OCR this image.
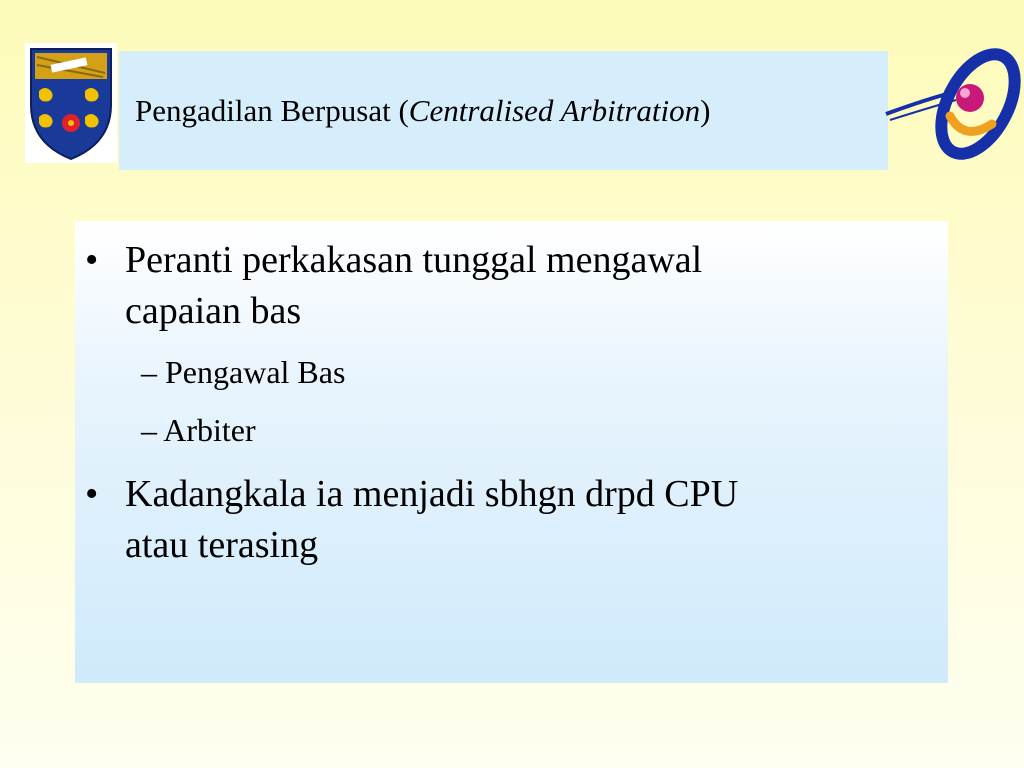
Pengadilan Berpusat (Centralised Arbitration)
• Peranti perkakasan tunggal mengawal
capaian bas
– Pengawal Bas
– Arbiter
• Kadangkala ia menjadi sbhgn drpd CPU
atau terasing
